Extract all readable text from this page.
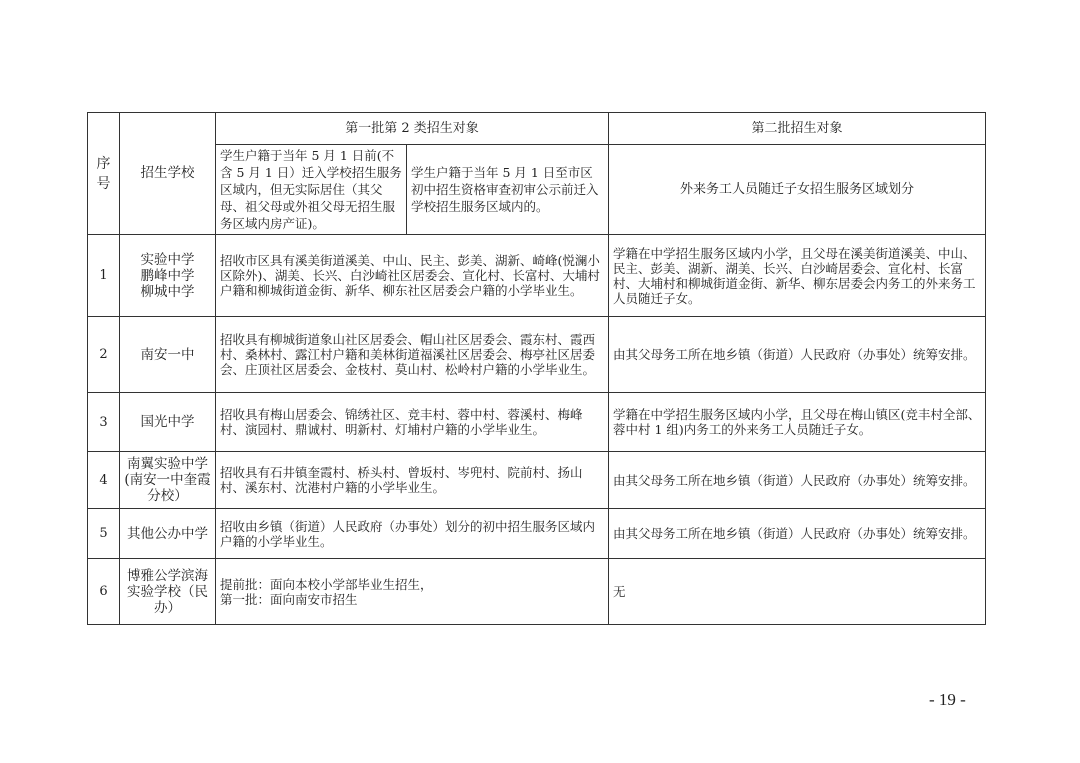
序号	招生学校	第一批第 2 类招生对象		第二批招生对象
		学生户籍于当年 5 月 1 日前(不含 5 月 1 日）迁入学校招生服务区域内，但无实际居住（其父母、祖父母或外祖父母无招生服务区域内房产证)。	学生户籍于当年 5 月 1 日至市区初中招生资格审查初审公示前迁入学校招生服务区域内的。	外来务工人员随迁子女招生服务区域划分
1	实验中学
鹏峰中学
柳城中学	招收市区具有溪美街道溪美、中山、民主、彭美、湖新、崎峰(悦澜小区除外)、湖美、长兴、白沙崎社区居委会、宣化村、长富村、大埔村户籍和柳城街道金街、新华、柳东社区居委会户籍的小学毕业生。		学籍在中学招生服务区域内小学，且父母在溪美街道溪美、中山、民主、彭美、湖新、湖美、长兴、白沙崎居委会、宣化村、长富村、大埔村和柳城街道金街、新华、柳东居委会内务工的外来务工人员随迁子女。
2	南安一中	招收具有柳城街道象山社区居委会、帽山社区居委会、霞东村、霞西村、桑林村、露江村户籍和美林街道福溪社区居委会、梅亭社区居委会、庄顶社区居委会、金枝村、莫山村、松岭村户籍的小学毕业生。		由其父母务工所在地乡镇（街道）人民政府（办事处）统筹安排。
3	国光中学	招收具有梅山居委会、锦绣社区、竞丰村、蓉中村、蓉溪村、梅峰村、演园村、鼎诚村、明新村、灯埔村户籍的小学毕业生。		学籍在中学招生服务区域内小学，且父母在梅山镇区(竞丰村全部、蓉中村 1 组)内务工的外来务工人员随迁子女。
4	南翼实验中学(南安一中奎霞分校）	招收具有石井镇奎霞村、桥头村、曾坂村、岑兜村、院前村、扬山村、溪东村、沈港村户籍的小学毕业生。		由其父母务工所在地乡镇（街道）人民政府（办事处）统筹安排。
5	其他公办中学	招收由乡镇（街道）人民政府（办事处）划分的初中招生服务区域内户籍的小学毕业生。		由其父母务工所在地乡镇（街道）人民政府（办事处）统筹安排。
6	博雅公学滨海实验学校（民办）	提前批：面向本校小学部毕业生招生，
第一批：面向南安市招生		无
- 19 -
